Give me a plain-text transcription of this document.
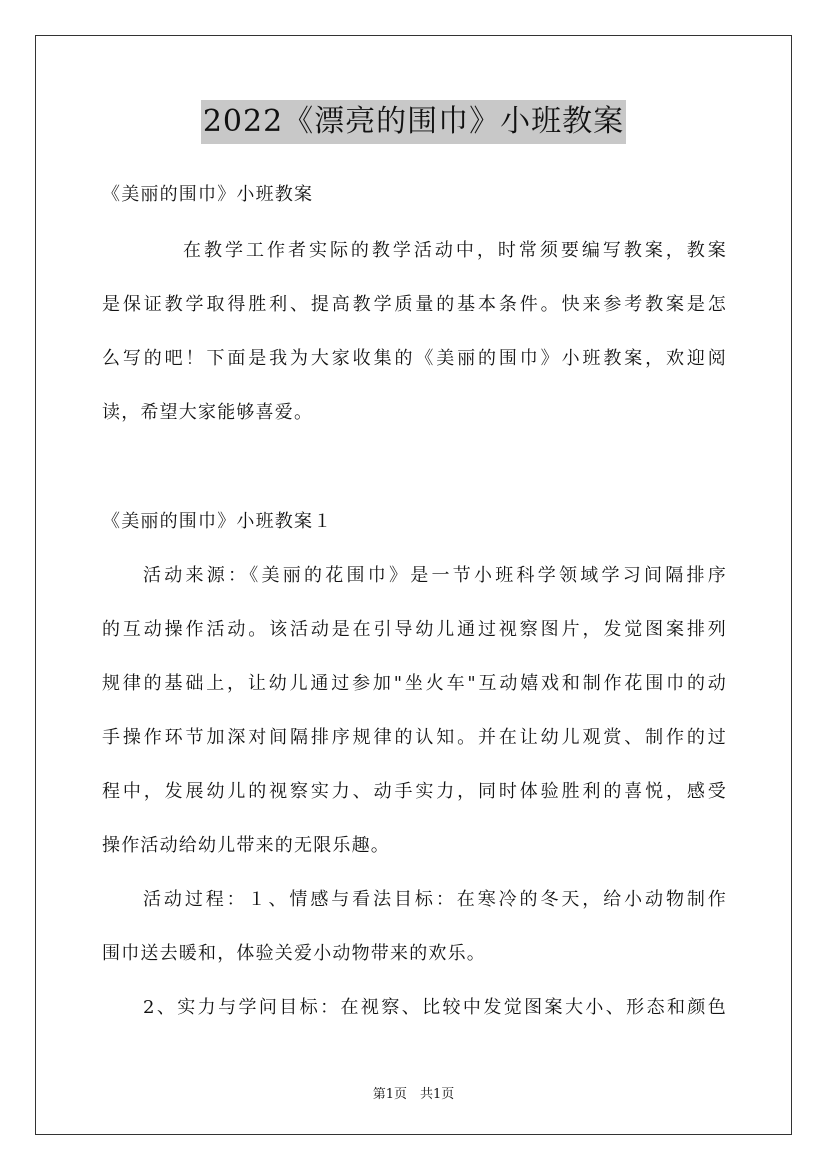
2022《漂亮的围巾》小班教案
《美丽的围巾》小班教案
在教学工作者实际的教学活动中，时常须要编写教案，教案
是保证教学取得胜利、提高教学质量的基本条件。快来参考教案是怎
么写的吧！下面是我为大家收集的《美丽的围巾》小班教案，欢迎阅
读，希望大家能够喜爱。
《美丽的围巾》小班教案１
活动来源：《美丽的花围巾》是一节小班科学领域学习间隔排序
的互动操作活动。该活动是在引导幼儿通过视察图片，发觉图案排列
规律的基础上，让幼儿通过参加"坐火车"互动嬉戏和制作花围巾的动
手操作环节加深对间隔排序规律的认知。并在让幼儿观赏、制作的过
程中，发展幼儿的视察实力、动手实力，同时体验胜利的喜悦，感受
操作活动给幼儿带来的无限乐趣。
活动过程：１、情感与看法目标：在寒冷的冬天，给小动物制作
围巾送去暖和，体验关爱小动物带来的欢乐。
2、实力与学问目标：在视察、比较中发觉图案大小、形态和颜色
第1页　共1页
